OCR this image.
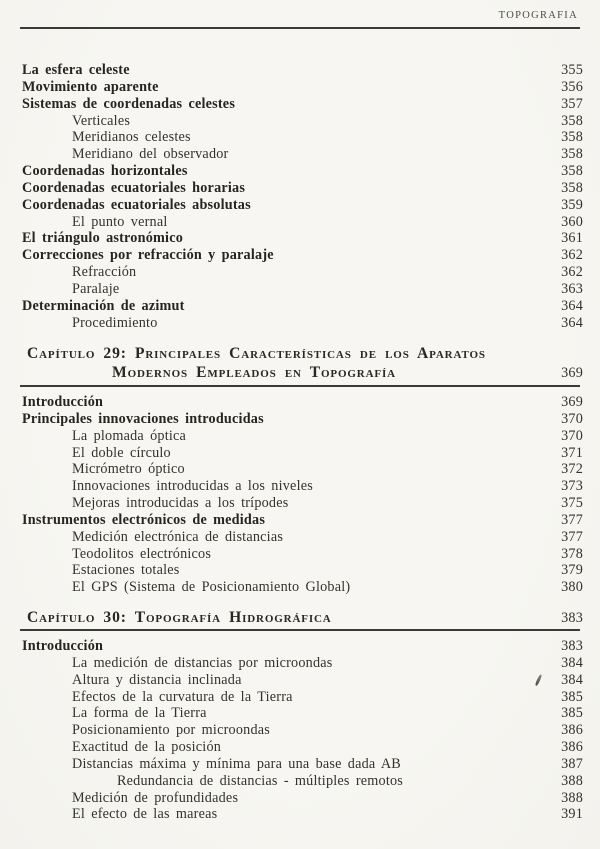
TOPOGRAFIA
La esfera celeste	355
Movimiento aparente	356
Sistemas de coordenadas celestes	357
Verticales	358
Meridianos celestes	358
Meridiano del observador	358
Coordenadas horizontales	358
Coordenadas ecuatoriales horarias	358
Coordenadas ecuatoriales absolutas	359
El punto vernal	360
El triángulo astronómico	361
Correcciones por refracción y paralaje	362
Refracción	362
Paralaje	363
Determinación de azimut	364
Procedimiento	364
Capítulo 29: Principales Características de los Aparatos
Modernos Empleados en Topografía	369
Introducción	369
Principales innovaciones introducidas	370
La plomada óptica	370
El doble círculo	371
Micrómetro óptico	372
Innovaciones introducidas a los niveles	373
Mejoras introducidas a los trípodes	375
Instrumentos electrónicos de medidas	377
Medición electrónica de distancias	377
Teodolitos electrónicos	378
Estaciones totales	379
El GPS (Sistema de Posicionamiento Global)	380
Capítulo 30: Topografía Hidrográfica	383
Introducción	383
La medición de distancias por microondas	384
Altura y distancia inclinada	384
Efectos de la curvatura de la Tierra	385
La forma de la Tierra	385
Posicionamiento por microondas	386
Exactitud de la posición	386
Distancias máxima y mínima para una base dada AB	387
Redundancia de distancias - múltiples remotos	388
Medición de profundidades	388
El efecto de las mareas	391
